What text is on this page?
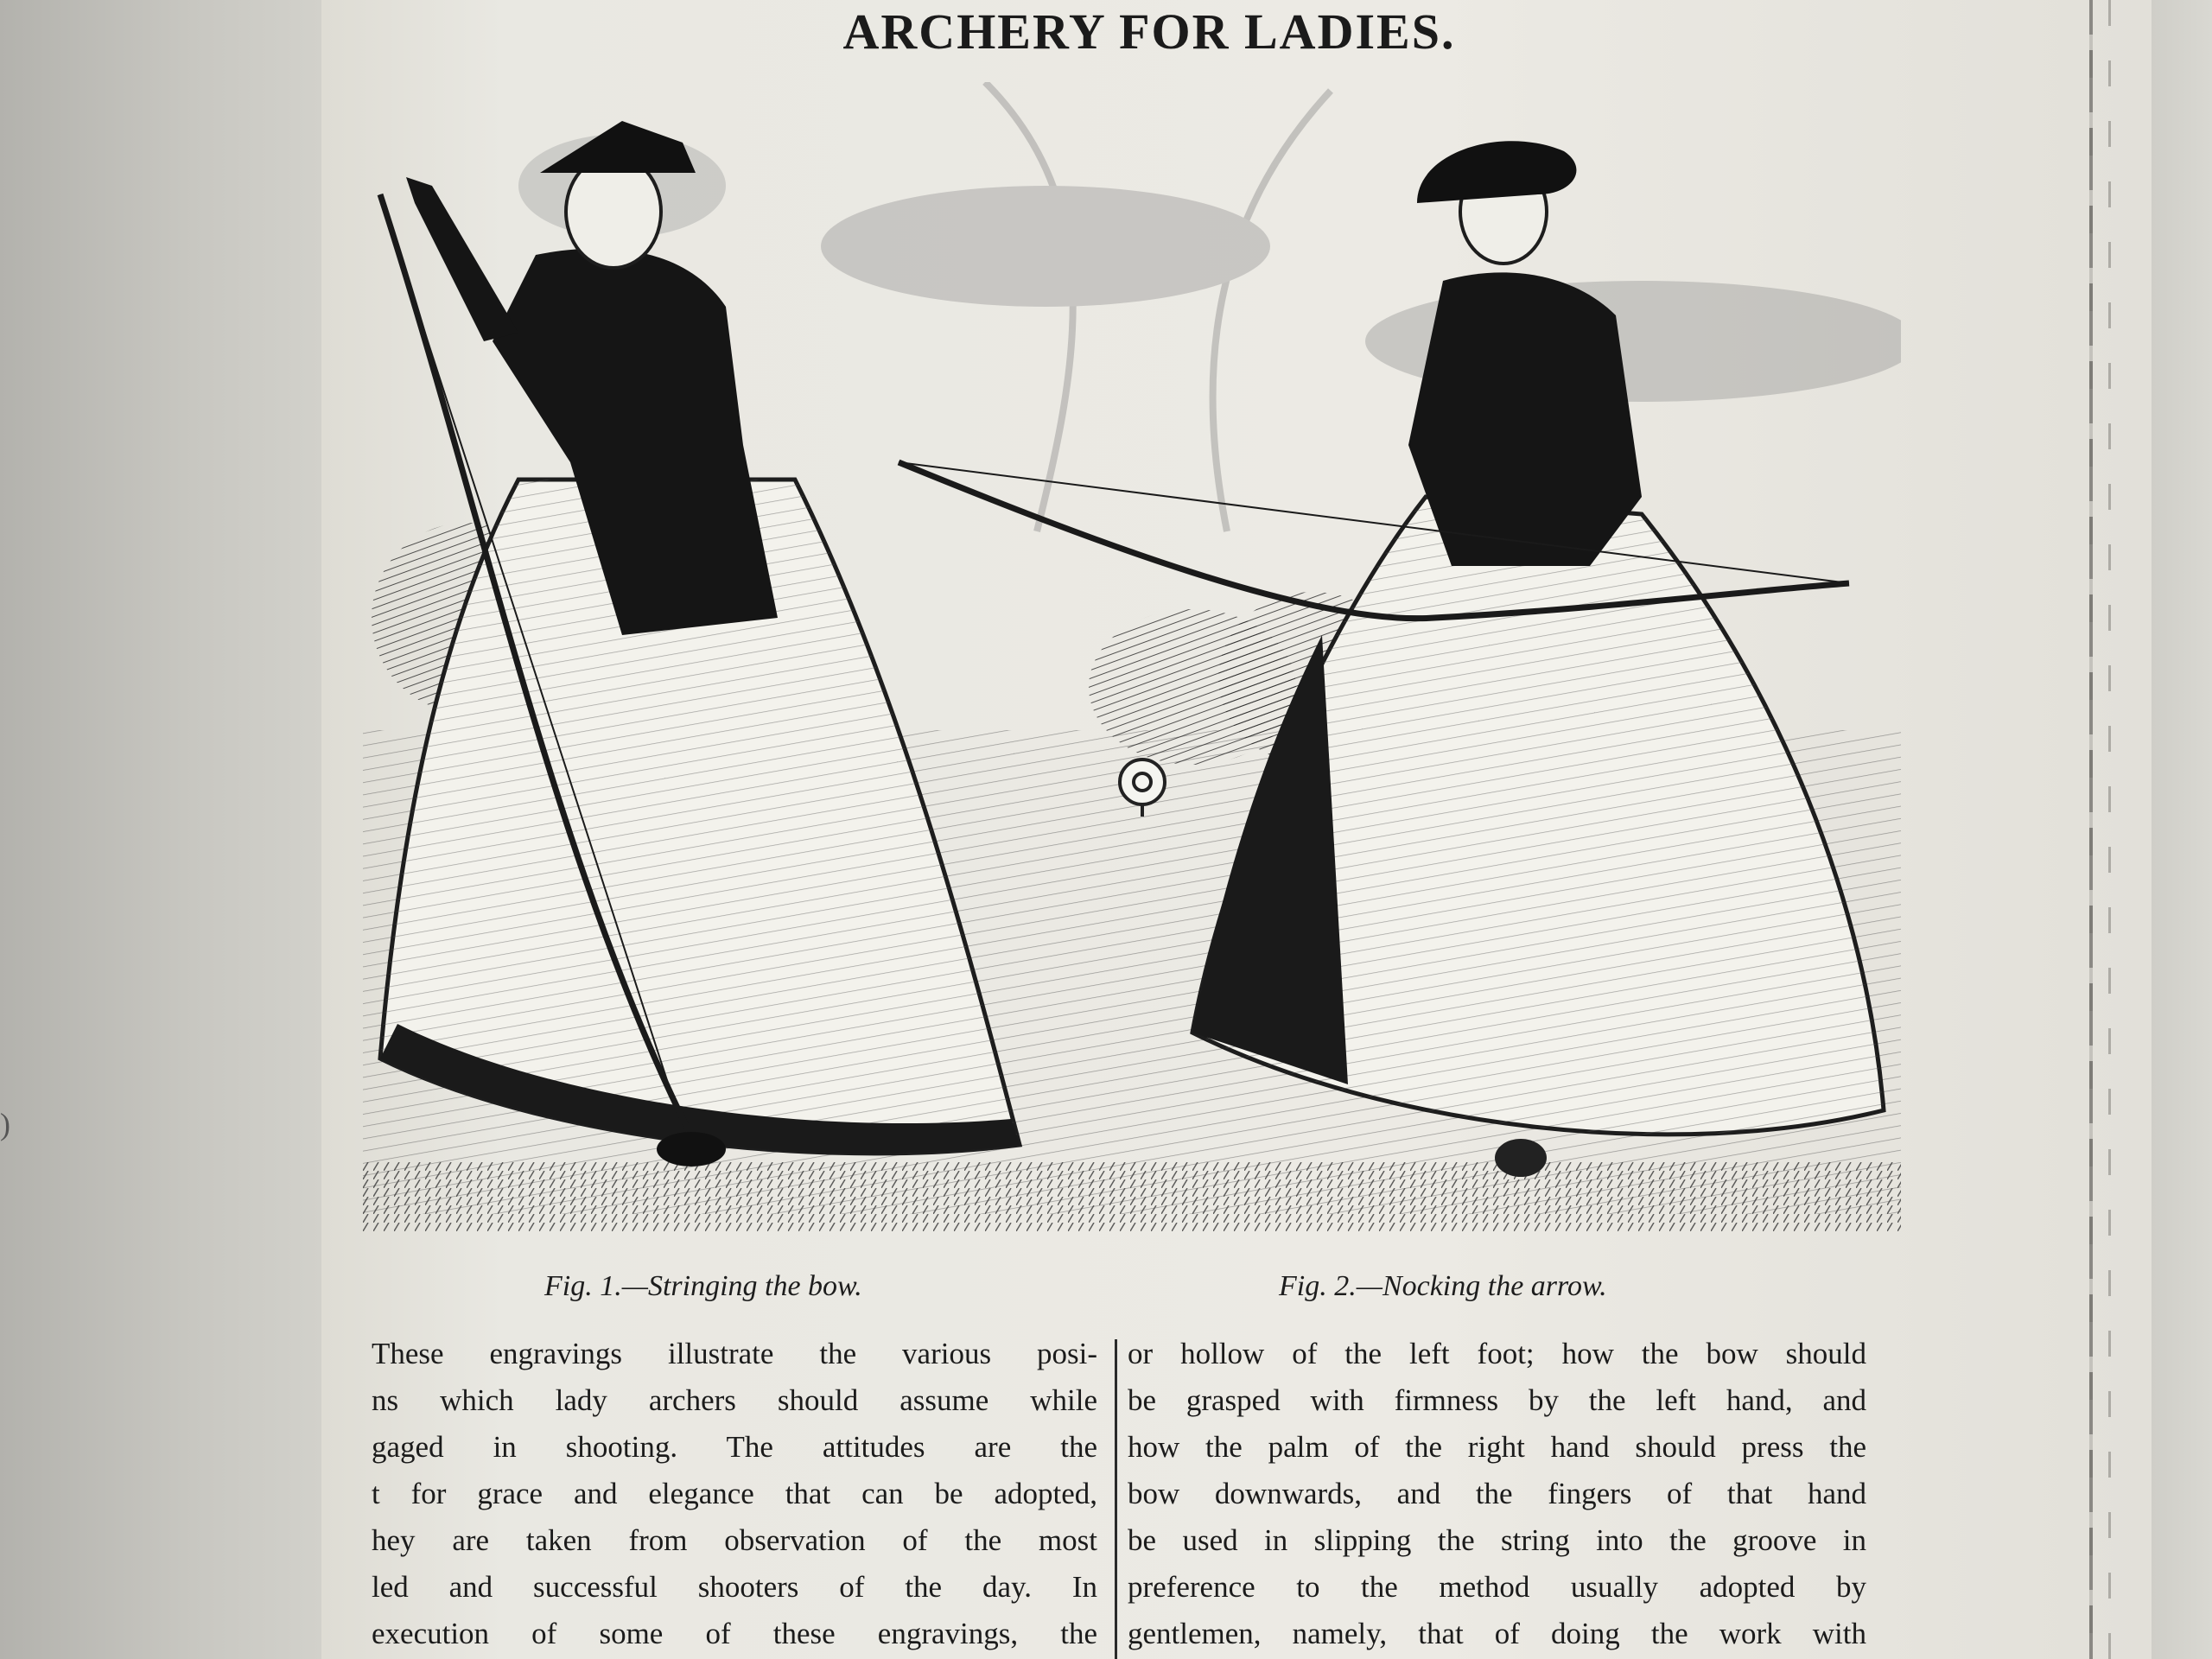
)
ARCHERY FOR LADIES.
Fig. 1.—Stringing the bow.	Fig. 2.—Nocking the arrow.
These engravings illustrate the various posi-
ns which lady archers should assume while
gaged in shooting. The attitudes are the
t for grace and elegance that can be adopted,
hey are taken from observation of the most
led and successful shooters of the day. In
execution of some of these engravings, the
or hollow of the left foot; how the bow should
be grasped with firmness by the left hand, and
how the palm of the right hand should press the
bow downwards, and the fingers of that hand
be used in slipping the string into the groove in
preference to the method usually adopted by
gentlemen, namely, that of doing the work with
